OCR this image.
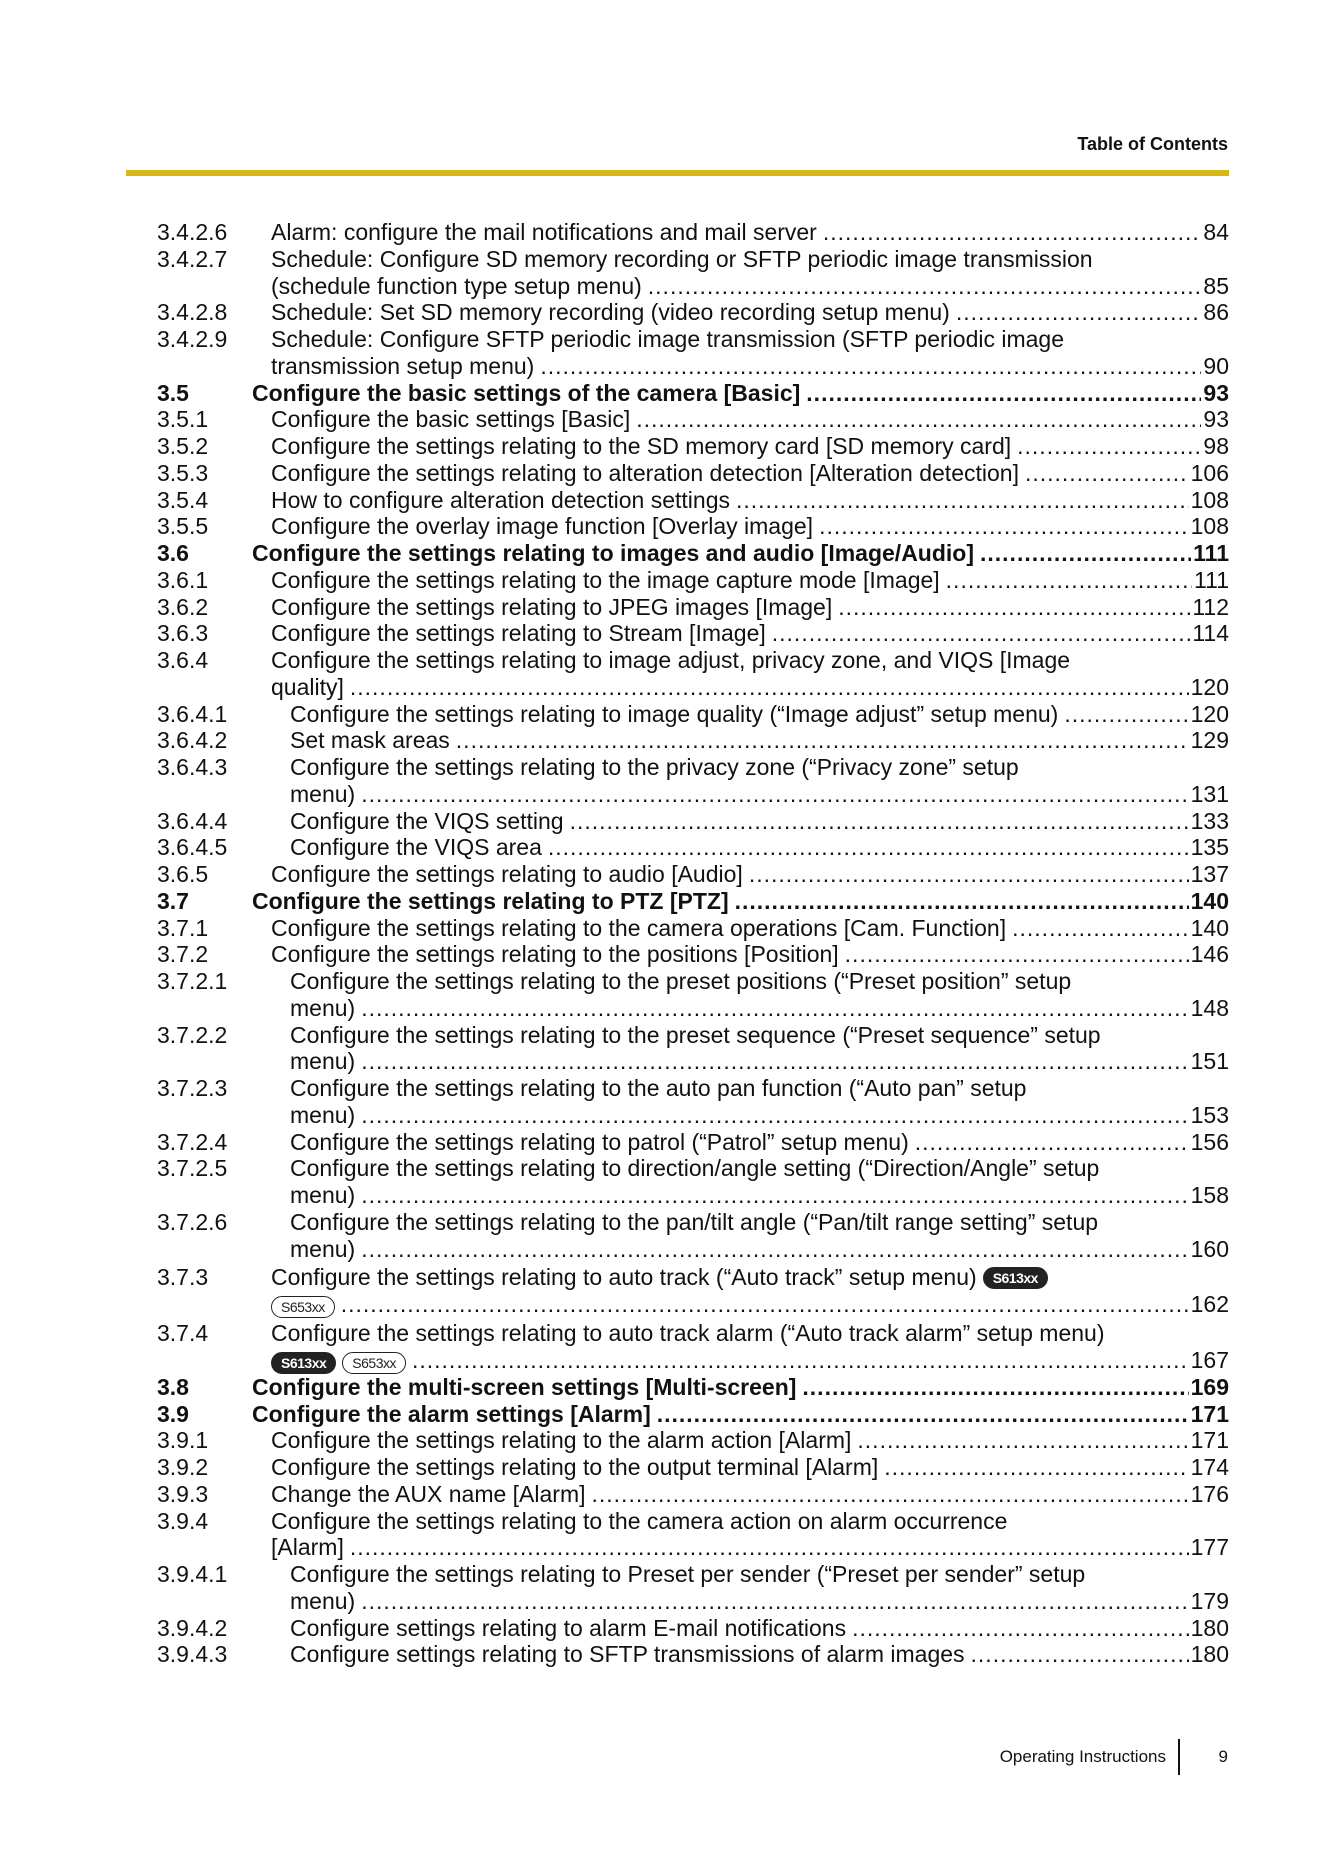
Table of Contents
3.4.2.6 Alarm: configure the mail notifications and mail server .....	84
3.4.2.7 Schedule: Configure SD memory recording or SFTP periodic image transmission
(schedule function type setup menu) .....	85
3.4.2.8 Schedule: Set SD memory recording (video recording setup menu) .....	86
3.4.2.9 Schedule: Configure SFTP periodic image transmission (SFTP periodic image
transmission setup menu) .....	90
3.5	Configure the basic settings of the camera [Basic] .....	93
3.5.1	Configure the basic settings [Basic] .....	93
3.5.2	Configure the settings relating to the SD memory card [SD memory card] .....	98
3.5.3	Configure the settings relating to alteration detection [Alteration detection] .....	106
3.5.4	How to configure alteration detection settings .....	108
3.5.5	Configure the overlay image function [Overlay image] .....	108
3.6	Configure the settings relating to images and audio [Image/Audio] .....	111
3.6.1	Configure the settings relating to the image capture mode [Image] .....	111
3.6.2	Configure the settings relating to JPEG images [Image] .....	112
3.6.3	Configure the settings relating to Stream [Image] .....	114
3.6.4	Configure the settings relating to image adjust, privacy zone, and VIQS [Image
quality] .....	120
3.6.4.1	Configure the settings relating to image quality (“Image adjust” setup menu) .....	120
3.6.4.2	Set mask areas .....	129
3.6.4.3	Configure the settings relating to the privacy zone (“Privacy zone” setup
menu) .....	131
3.6.4.4	Configure the VIQS setting .....	133
3.6.4.5	Configure the VIQS area .....	135
3.6.5	Configure the settings relating to audio [Audio] .....	137
3.7	Configure the settings relating to PTZ [PTZ] .....	140
3.7.1	Configure the settings relating to the camera operations [Cam. Function] .....	140
3.7.2	Configure the settings relating to the positions [Position] .....	146
3.7.2.1	Configure the settings relating to the preset positions (“Preset position” setup
menu) .....	148
3.7.2.2	Configure the settings relating to the preset sequence (“Preset sequence” setup
menu) .....	151
3.7.2.3	Configure the settings relating to the auto pan function (“Auto pan” setup
menu) .....	153
3.7.2.4	Configure the settings relating to patrol (“Patrol” setup menu) .....	156
3.7.2.5	Configure the settings relating to direction/angle setting (“Direction/Angle” setup
menu) .....	158
3.7.2.6	Configure the settings relating to the pan/tilt angle (“Pan/tilt range setting” setup
menu) .....	160
3.7.3	Configure the settings relating to auto track (“Auto track” setup menu) S613xx
S653xx .....	162
3.7.4	Configure the settings relating to auto track alarm (“Auto track alarm” setup menu)
S613xx	S653xx .....	167
3.8	Configure the multi-screen settings [Multi-screen] .....	169
3.9	Configure the alarm settings [Alarm] .....	171
3.9.1	Configure the settings relating to the alarm action [Alarm] .....	171
3.9.2	Configure the settings relating to the output terminal [Alarm] .....	174
3.9.3	Change the AUX name [Alarm] .....	176
3.9.4	Configure the settings relating to the camera action on alarm occurrence
[Alarm] .....	177
3.9.4.1	Configure the settings relating to Preset per sender (“Preset per sender” setup
menu) .....	179
3.9.4.2	Configure settings relating to alarm E-mail notifications .....	180
3.9.4.3	Configure settings relating to SFTP transmissions of alarm images .....	180
Operating Instructions	9
